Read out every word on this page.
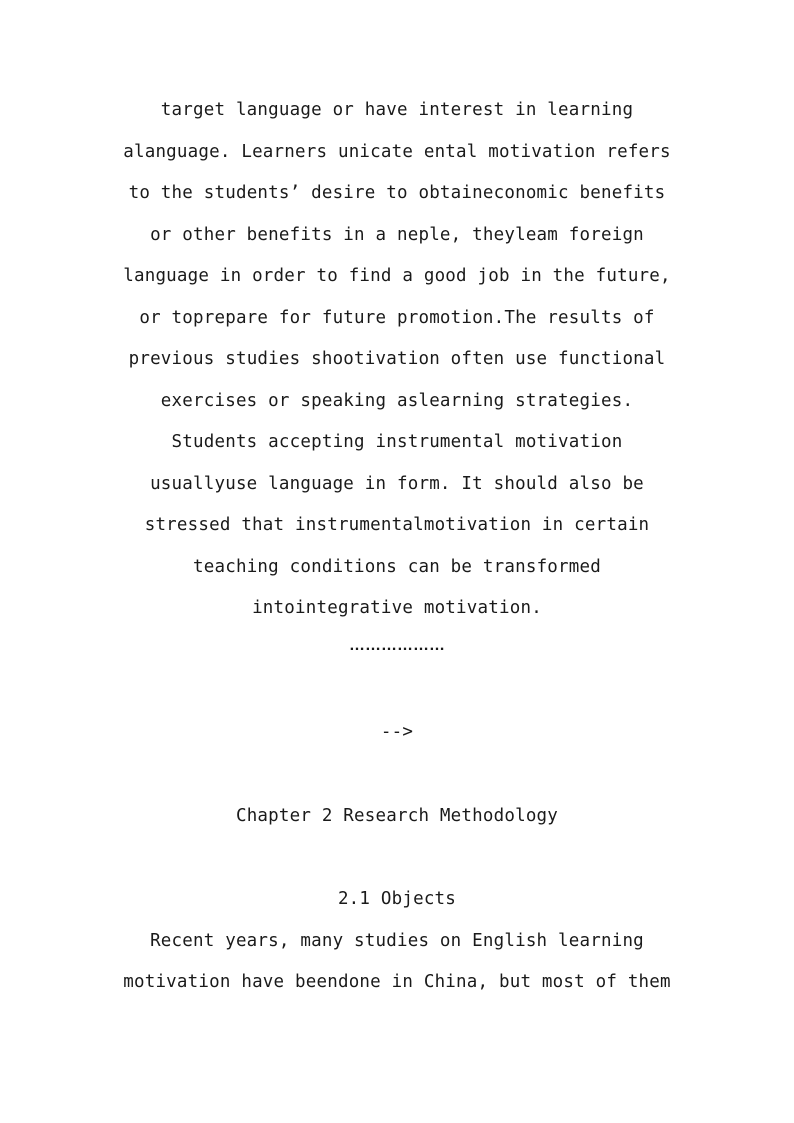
target language or have interest in learning
alanguage. Learners unicate ental motivation refers
to the students’ desire to obtaineconomic benefits
or other benefits in a neple, theyleam foreign
language in order to find a good job in the future,
or toprepare for future promotion.The results of
previous studies shootivation often use functional
exercises or speaking aslearning strategies.
Students accepting instrumental motivation
usuallyuse language in form. It should also be
stressed that instrumentalmotivation in certain
teaching conditions can be transformed
intointegrative motivation.
………………
-->
Chapter 2 Research Methodology
2.1 Objects
Recent years, many studies on English learning
motivation have beendone in China, but most of them
